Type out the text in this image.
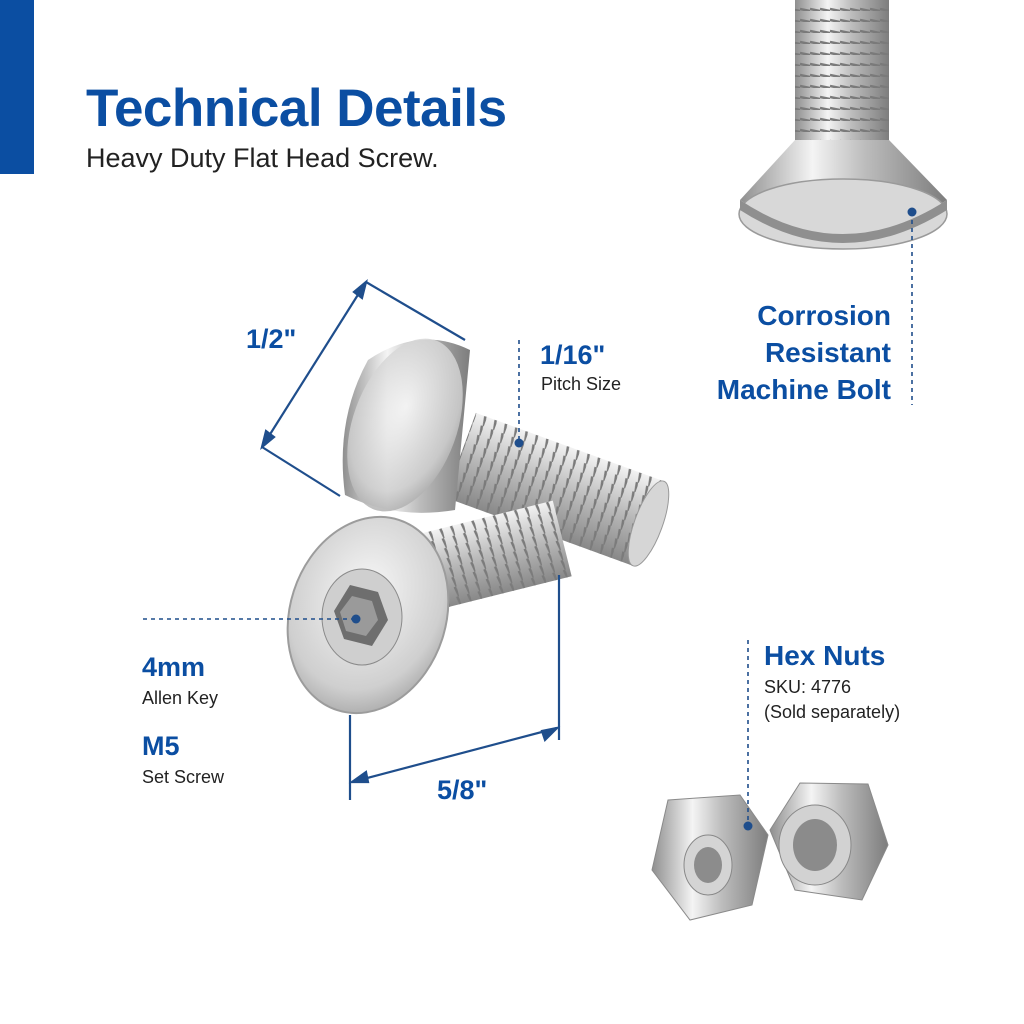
Technical Details
Heavy Duty Flat Head Screw.
1/2"
1/16"
Pitch Size
5/8"
4mm
Allen Key
M5
Set Screw
Corrosion
Resistant
Machine Bolt
Hex Nuts
SKU: 4776
(Sold separately)
